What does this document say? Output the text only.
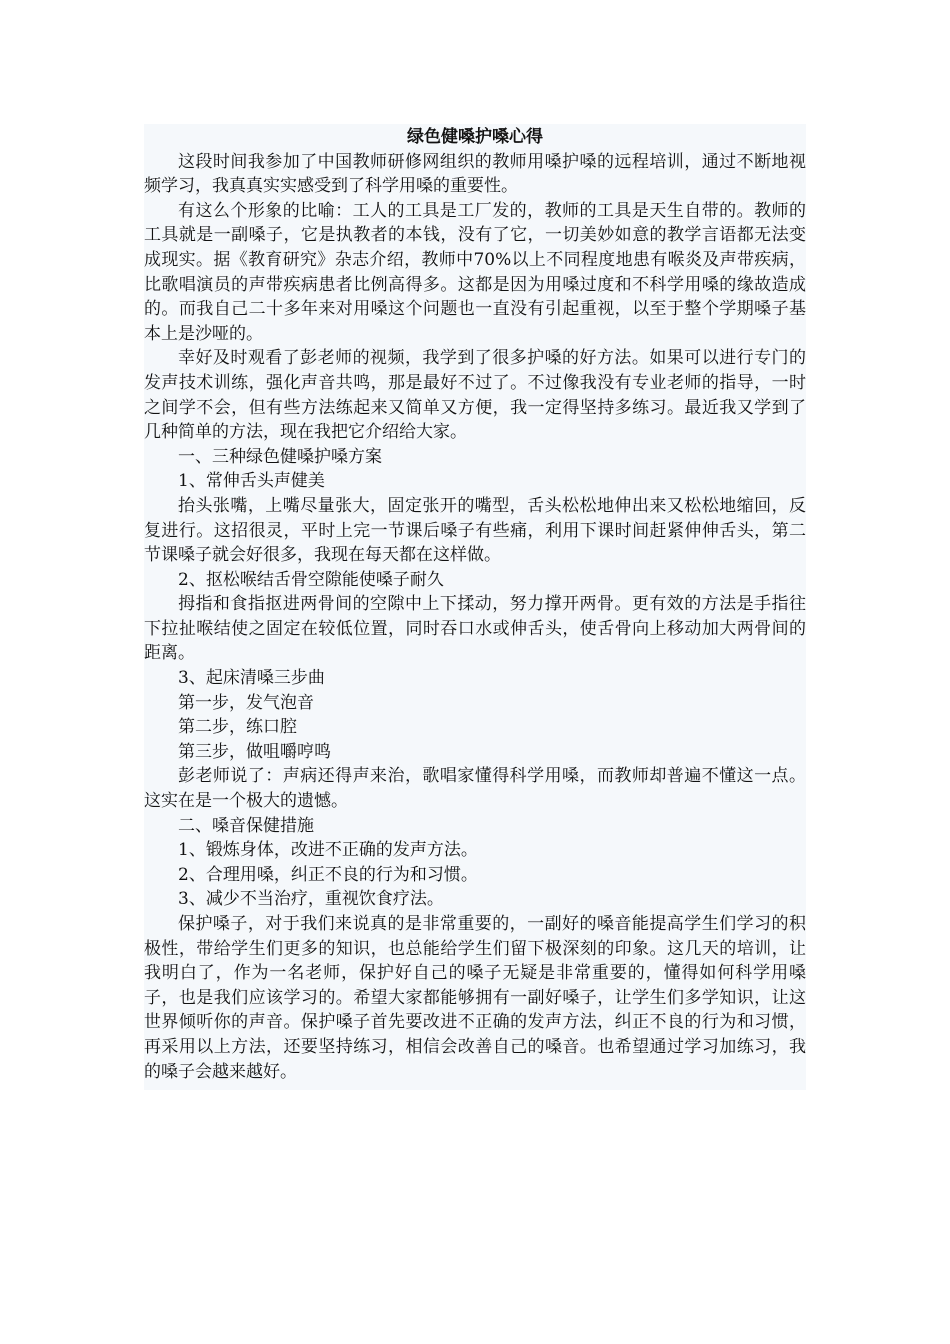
绿色健嗓护嗓心得

这段时间我参加了中国教师研修网组织的教师用嗓护嗓的远程培训，通过不断地视频学习，我真真实实感受到了科学用嗓的重要性。

有这么个形象的比喻：工人的工具是工厂发的，教师的工具是天生自带的。教师的工具就是一副嗓子，它是执教者的本钱，没有了它，一切美妙如意的教学言语都无法变成现实。据《教育研究》杂志介绍，教师中70%以上不同程度地患有喉炎及声带疾病，比歌唱演员的声带疾病患者比例高得多。这都是因为用嗓过度和不科学用嗓的缘故造成的。而我自己二十多年来对用嗓这个问题也一直没有引起重视，以至于整个学期嗓子基本上是沙哑的。

幸好及时观看了彭老师的视频，我学到了很多护嗓的好方法。如果可以进行专门的发声技术训练，强化声音共鸣，那是最好不过了。不过像我没有专业老师的指导，一时之间学不会，但有些方法练起来又简单又方便，我一定得坚持多练习。最近我又学到了几种简单的方法，现在我把它介绍给大家。

一、三种绿色健嗓护嗓方案

1、常伸舌头声健美

抬头张嘴，上嘴尽量张大，固定张开的嘴型，舌头松松地伸出来又松松地缩回，反复进行。这招很灵，平时上完一节课后嗓子有些痛，利用下课时间赶紧伸伸舌头，第二节课嗓子就会好很多，我现在每天都在这样做。

2、抠松喉结舌骨空隙能使嗓子耐久

拇指和食指抠进两骨间的空隙中上下揉动，努力撑开两骨。更有效的方法是手指往下拉扯喉结使之固定在较低位置，同时吞口水或伸舌头，使舌骨向上移动加大两骨间的距离。

3、起床清嗓三步曲

第一步，发气泡音

第二步，练口腔

第三步，做咀嚼哼鸣

彭老师说了：声病还得声来治，歌唱家懂得科学用嗓，而教师却普遍不懂这一点。这实在是一个极大的遗憾。

二、嗓音保健措施

1、锻炼身体，改进不正确的发声方法。

2、合理用嗓，纠正不良的行为和习惯。

3、减少不当治疗，重视饮食疗法。

保护嗓子，对于我们来说真的是非常重要的，一副好的嗓音能提高学生们学习的积极性，带给学生们更多的知识，也总能给学生们留下极深刻的印象。这几天的培训，让我明白了，作为一名老师，保护好自己的嗓子无疑是非常重要的，懂得如何科学用嗓子，也是我们应该学习的。希望大家都能够拥有一副好嗓子，让学生们多学知识，让这世界倾听你的声音。保护嗓子首先要改进不正确的发声方法，纠正不良的行为和习惯，再采用以上方法，还要坚持练习，相信会改善自己的嗓音。也希望通过学习加练习，我的嗓子会越来越好。
